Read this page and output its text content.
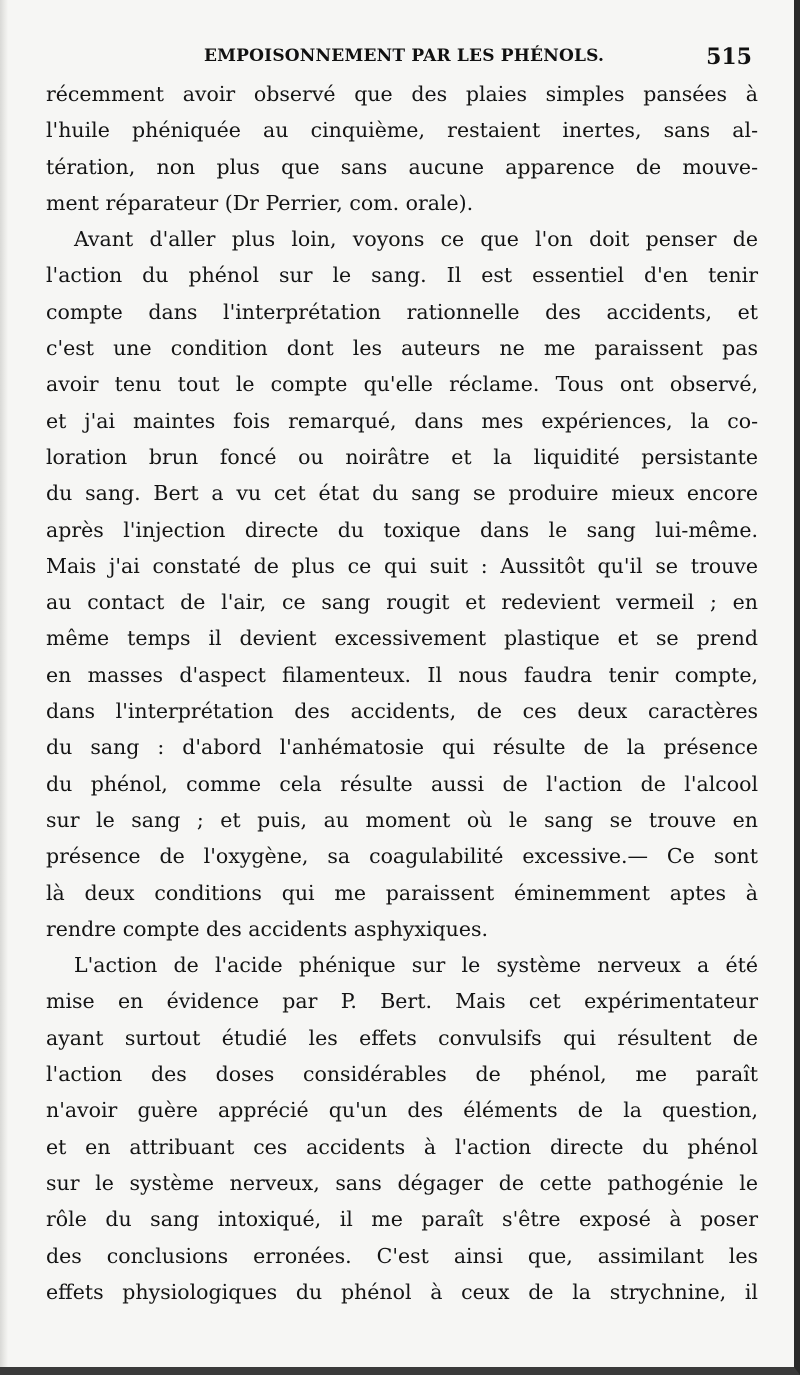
EMPOISONNEMENT PAR LES PHÉNOLS.	515
récemment avoir observé que des plaies simples pansées à
l'huile phéniquée au cinquième, restaient inertes, sans al-
tération, non plus que sans aucune apparence de mouve-
ment réparateur (Dr Perrier, com. orale).
Avant d'aller plus loin, voyons ce que l'on doit penser de
l'action du phénol sur le sang. Il est essentiel d'en tenir
compte dans l'interprétation rationnelle des accidents, et
c'est une condition dont les auteurs ne me paraissent pas
avoir tenu tout le compte qu'elle réclame. Tous ont observé,
et j'ai maintes fois remarqué, dans mes expériences, la co-
loration brun foncé ou noirâtre et la liquidité persistante
du sang. Bert a vu cet état du sang se produire mieux encore
après l'injection directe du toxique dans le sang lui-même.
Mais j'ai constaté de plus ce qui suit : Aussitôt qu'il se trouve
au contact de l'air, ce sang rougit et redevient vermeil ; en
même temps il devient excessivement plastique et se prend
en masses d'aspect filamenteux. Il nous faudra tenir compte,
dans l'interprétation des accidents, de ces deux caractères
du sang : d'abord l'anhématosie qui résulte de la présence
du phénol, comme cela résulte aussi de l'action de l'alcool
sur le sang ; et puis, au moment où le sang se trouve en
présence de l'oxygène, sa coagulabilité excessive.— Ce sont
là deux conditions qui me paraissent éminemment aptes à
rendre compte des accidents asphyxiques.
L'action de l'acide phénique sur le système nerveux a été
mise en évidence par P. Bert. Mais cet expérimentateur
ayant surtout étudié les effets convulsifs qui résultent de
l'action des doses considérables de phénol, me paraît
n'avoir guère apprécié qu'un des éléments de la question,
et en attribuant ces accidents à l'action directe du phénol
sur le système nerveux, sans dégager de cette pathogénie le
rôle du sang intoxiqué, il me paraît s'être exposé à poser
des conclusions erronées. C'est ainsi que, assimilant les
effets physiologiques du phénol à ceux de la strychnine, il
